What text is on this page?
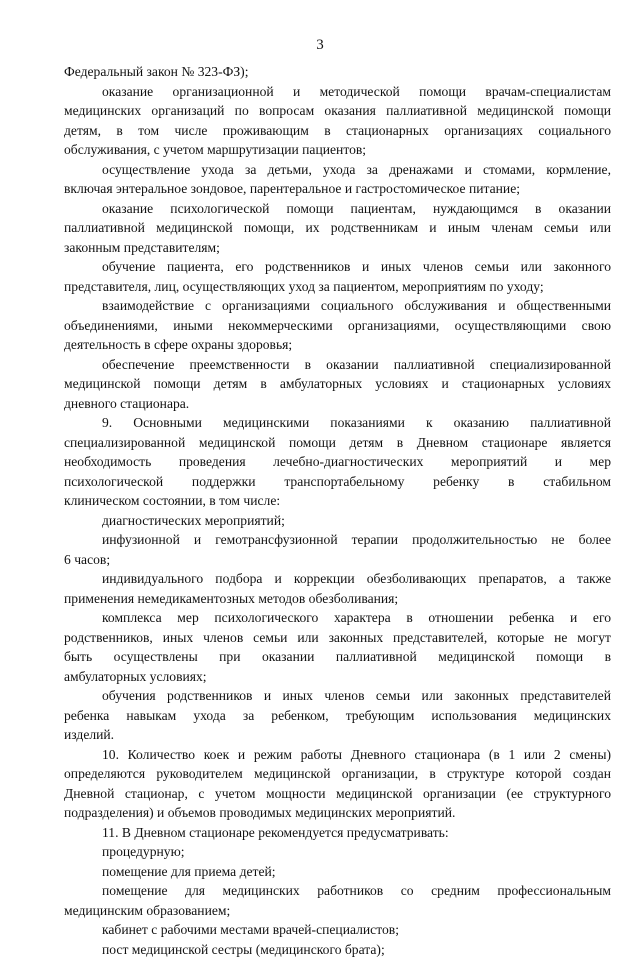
3
Федеральный закон № 323-ФЗ);
оказание организационной и методической помощи врачам-специалистам
медицинских организаций по вопросам оказания паллиативной медицинской помощи
детям, в том числе проживающим в стационарных организациях социального
обслуживания, с учетом маршрутизации пациентов;
осуществление ухода за детьми, ухода за дренажами и стомами, кормление,
включая энтеральное зондовое, парентеральное и гастростомическое питание;
оказание психологической помощи пациентам, нуждающимся в оказании
паллиативной медицинской помощи, их родственникам и иным членам семьи или
законным представителям;
обучение пациента, его родственников и иных членов семьи или законного
представителя, лиц, осуществляющих уход за пациентом, мероприятиям по уходу;
взаимодействие с организациями социального обслуживания и общественными
объединениями, иными некоммерческими организациями, осуществляющими свою
деятельность в сфере охраны здоровья;
обеспечение преемственности в оказании паллиативной специализированной
медицинской помощи детям в амбулаторных условиях и стационарных условиях
дневного стационара.
9. Основными медицинскими показаниями к оказанию паллиативной
специализированной медицинской помощи детям в Дневном стационаре является
необходимость проведения лечебно-диагностических мероприятий и мер
психологической поддержки транспортабельному ребенку в стабильном
клиническом состоянии, в том числе:
диагностических мероприятий;
инфузионной и гемотрансфузионной терапии продолжительностью не более
6 часов;
индивидуального подбора и коррекции обезболивающих препаратов, а также
применения немедикаментозных методов обезболивания;
комплекса мер психологического характера в отношении ребенка и его
родственников, иных членов семьи или законных представителей, которые не могут
быть осуществлены при оказании паллиативной медицинской помощи в
амбулаторных условиях;
обучения родственников и иных членов семьи или законных представителей
ребенка навыкам ухода за ребенком, требующим использования медицинских
изделий.
10. Количество коек и режим работы Дневного стационара (в 1 или 2 смены)
определяются руководителем медицинской организации, в структуре которой создан
Дневной стационар, с учетом мощности медицинской организации (ее структурного
подразделения) и объемов проводимых медицинских мероприятий.
11. В Дневном стационаре рекомендуется предусматривать:
процедурную;
помещение для приема детей;
помещение для медицинских работников со средним профессиональным
медицинским образованием;
кабинет с рабочими местами врачей-специалистов;
пост медицинской сестры (медицинского брата);
